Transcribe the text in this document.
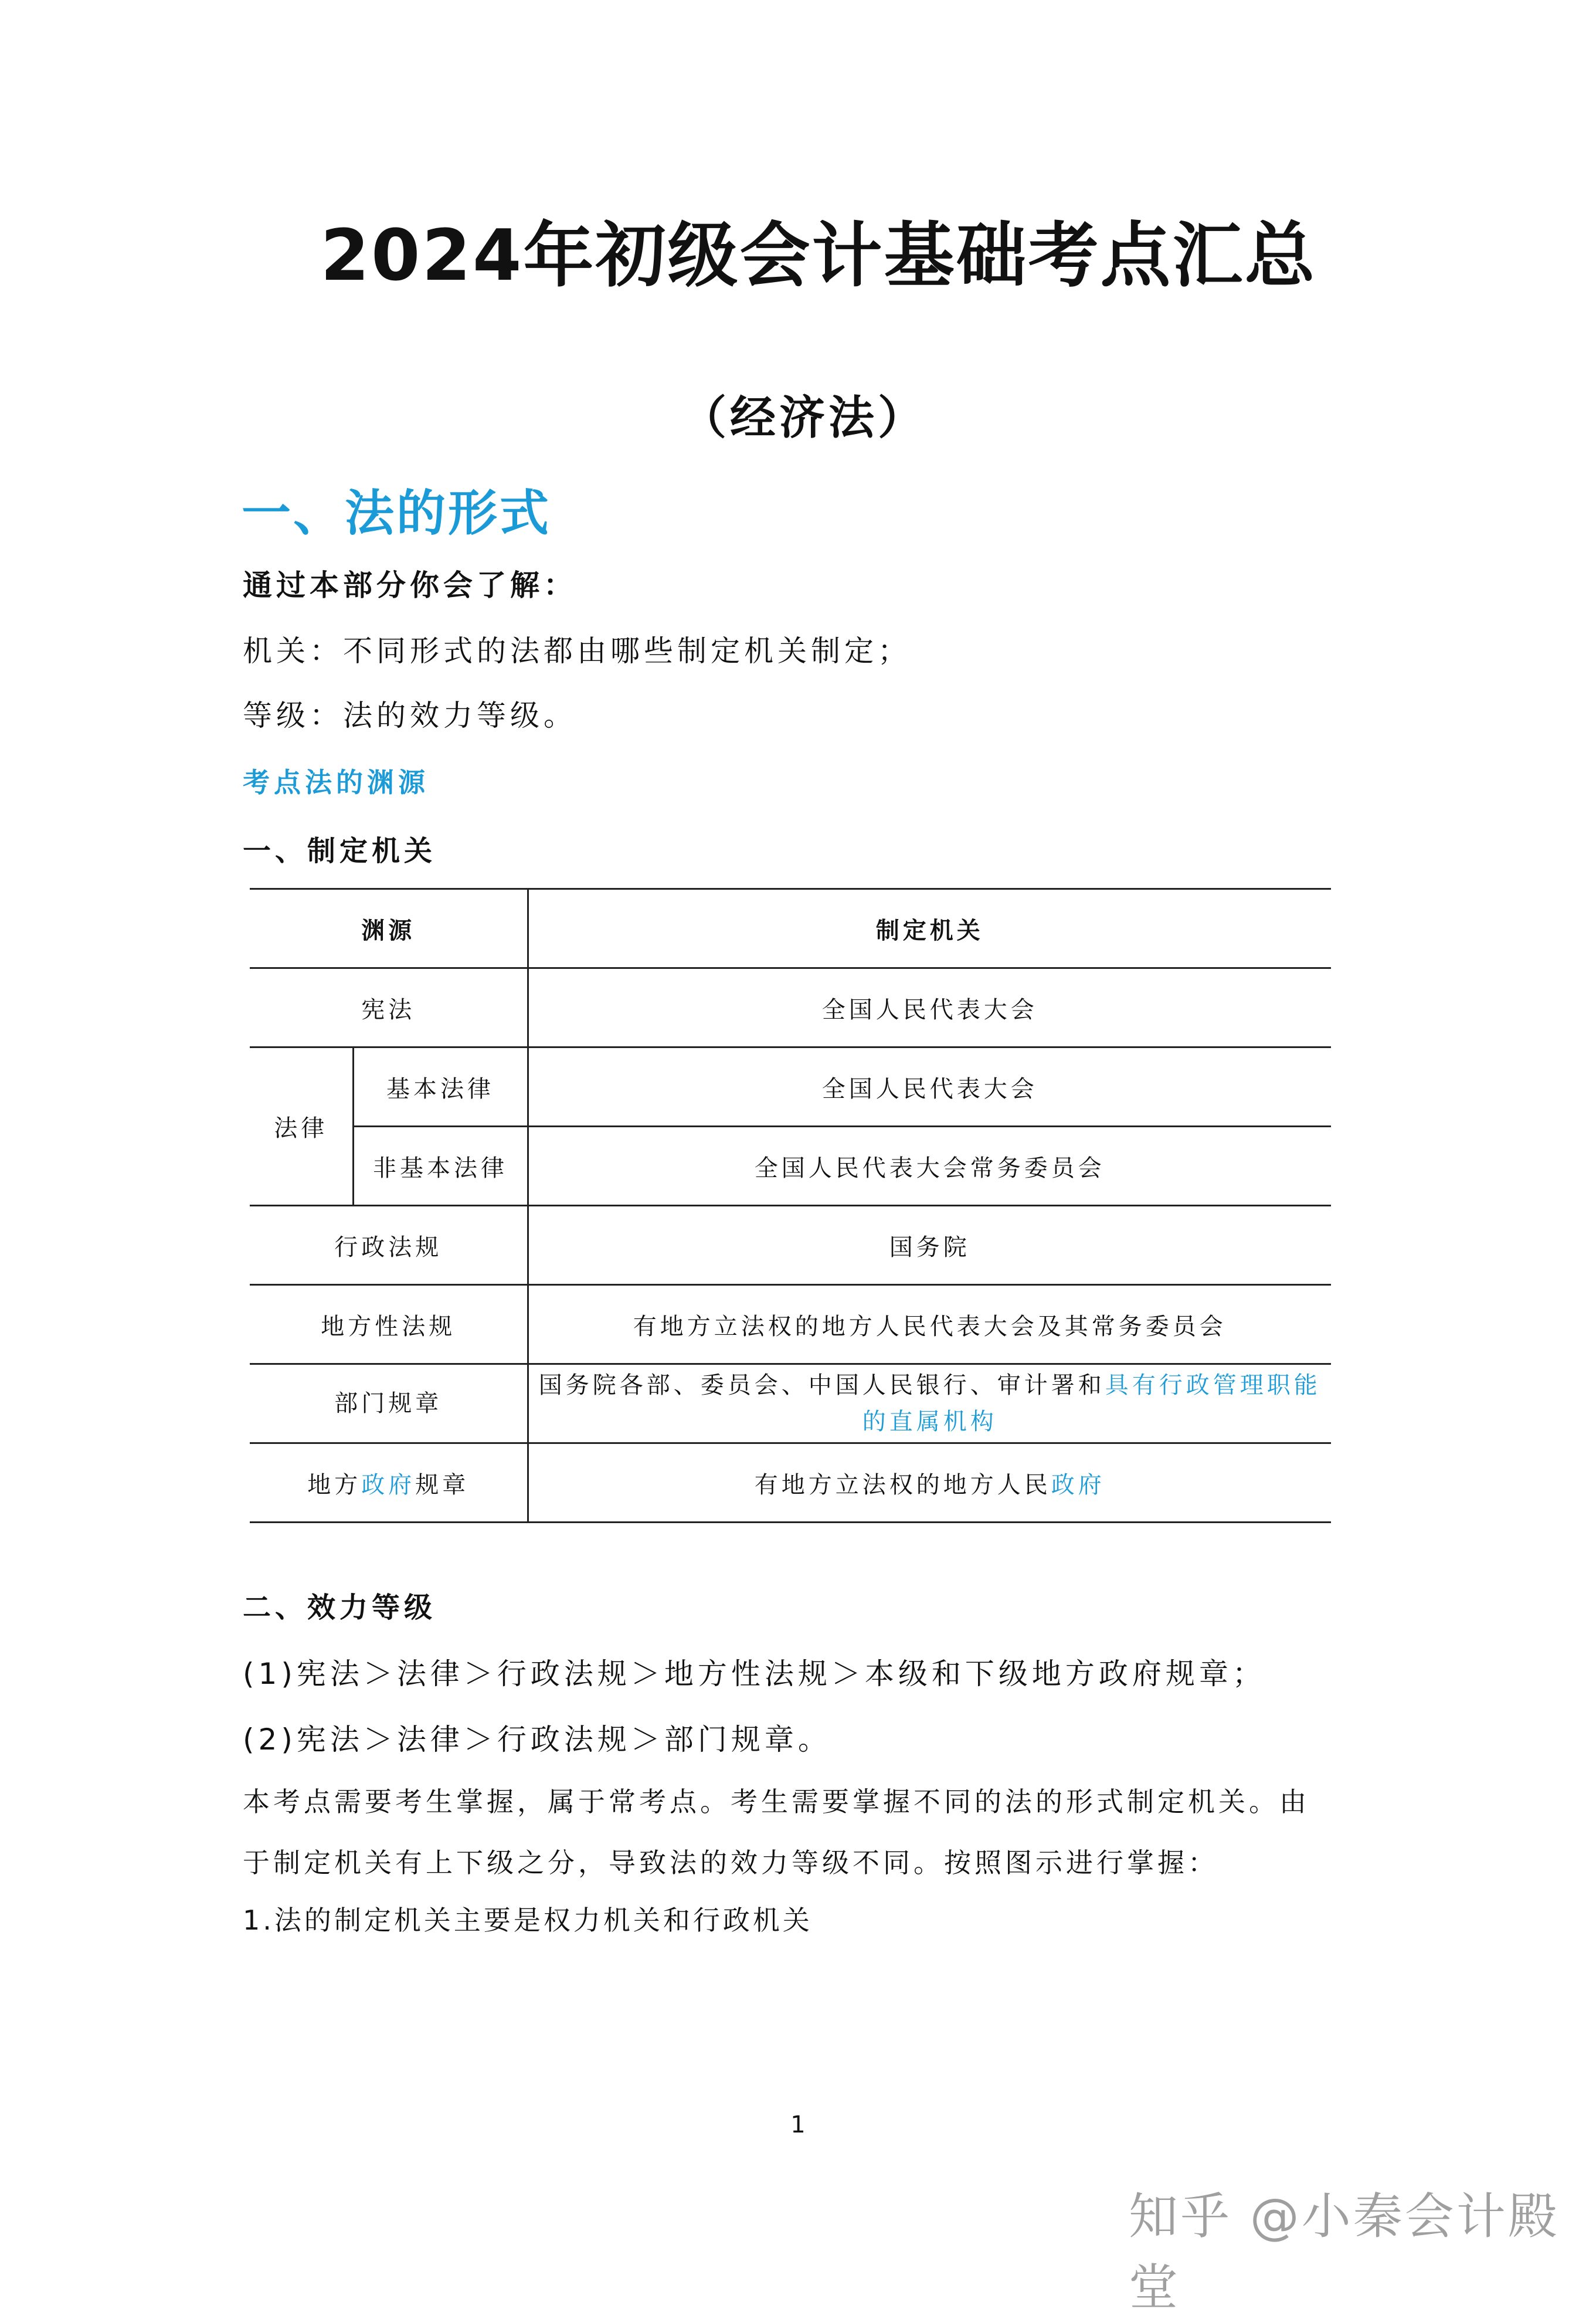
2024年初级会计基础考点汇总
（经济法）
一、法的形式
通过本部分你会了解：
机关：不同形式的法都由哪些制定机关制定；
等级：法的效力等级。
考点法的渊源
一、制定机关
渊源		制定机关
宪法		全国人民代表大会
法律	基本法律	全国人民代表大会
	非基本法律	全国人民代表大会常务委员会
行政法规		国务院
地方性法规		有地方立法权的地方人民代表大会及其常务委员会
部门规章		国务院各部、委员会、中国人民银行、审计署和具有行政管理职能的直属机构
地方政府规章		有地方立法权的地方人民政府
二、效力等级
(1)宪法＞法律＞行政法规＞地方性法规＞本级和下级地方政府规章；
(2)宪法＞法律＞行政法规＞部门规章。
本考点需要考生掌握，属于常考点。考生需要掌握不同的法的形式制定机关。由于制定机关有上下级之分，导致法的效力等级不同。按照图示进行掌握：
1.法的制定机关主要是权力机关和行政机关
1
知乎 @小秦会计殿堂
